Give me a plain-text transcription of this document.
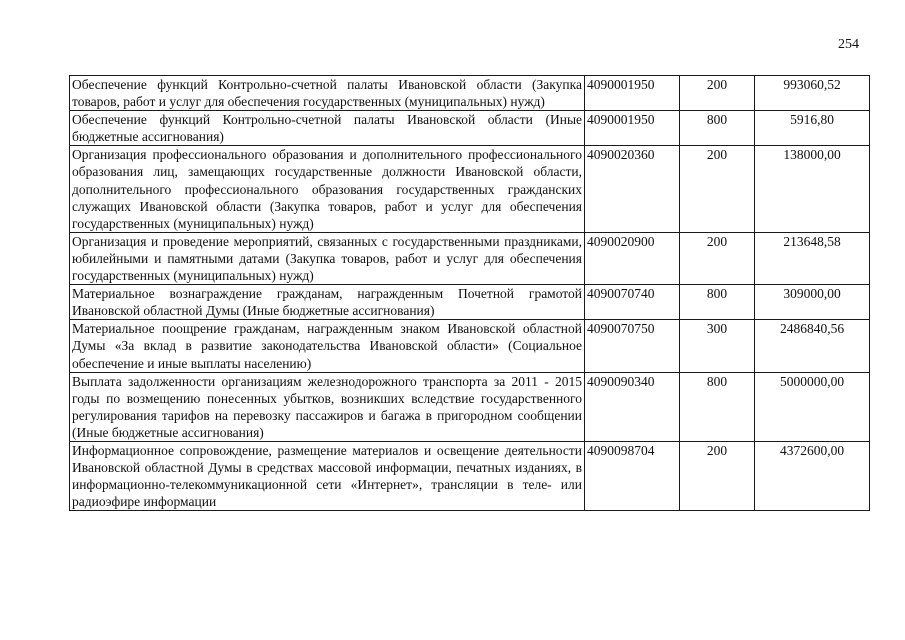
254
Обеспечение функций Контрольно-счетной палаты Ивановской области (Закупка товаров, работ и услуг для обеспечения государственных (муниципальных) нужд)	4090001950	200	993060,52
Обеспечение функций Контрольно-счетной палаты Ивановской области (Иные бюджетные ассигнования)	4090001950	800	5916,80
Организация профессионального образования и дополнительного профессионального образования лиц, замещающих государственные должности Ивановской области, дополнительного профессионального образования государственных гражданских служащих Ивановской области (Закупка товаров, работ и услуг для обеспечения государственных (муниципальных) нужд)	4090020360	200	138000,00
Организация и проведение мероприятий, связанных с государственными праздниками, юбилейными и памятными датами (Закупка товаров, работ и услуг для обеспечения государственных (муниципальных) нужд)	4090020900	200	213648,58
Материальное вознаграждение гражданам, награжденным Почетной грамотой Ивановской областной Думы (Иные бюджетные ассигнования)	4090070740	800	309000,00
Материальное поощрение гражданам, награжденным знаком Ивановской областной Думы «За вклад в развитие законодательства Ивановской области» (Социальное обеспечение и иные выплаты населению)	4090070750	300	2486840,56
Выплата задолженности организациям железнодорожного транспорта за 2011 - 2015 годы по возмещению понесенных убытков, возникших вследствие государственного регулирования тарифов на перевозку пассажиров и багажа в пригородном сообщении (Иные бюджетные ассигнования)	4090090340	800	5000000,00

Информационное сопровождение, размещение материалов и освещение деятельности Ивановской областной Думы в средствах массовой информации, печатных изданиях, в информационно-телекоммуникационной сети «Интернет», трансляции в теле- или радиоэфире информации	4090098704	200	4372600,00
